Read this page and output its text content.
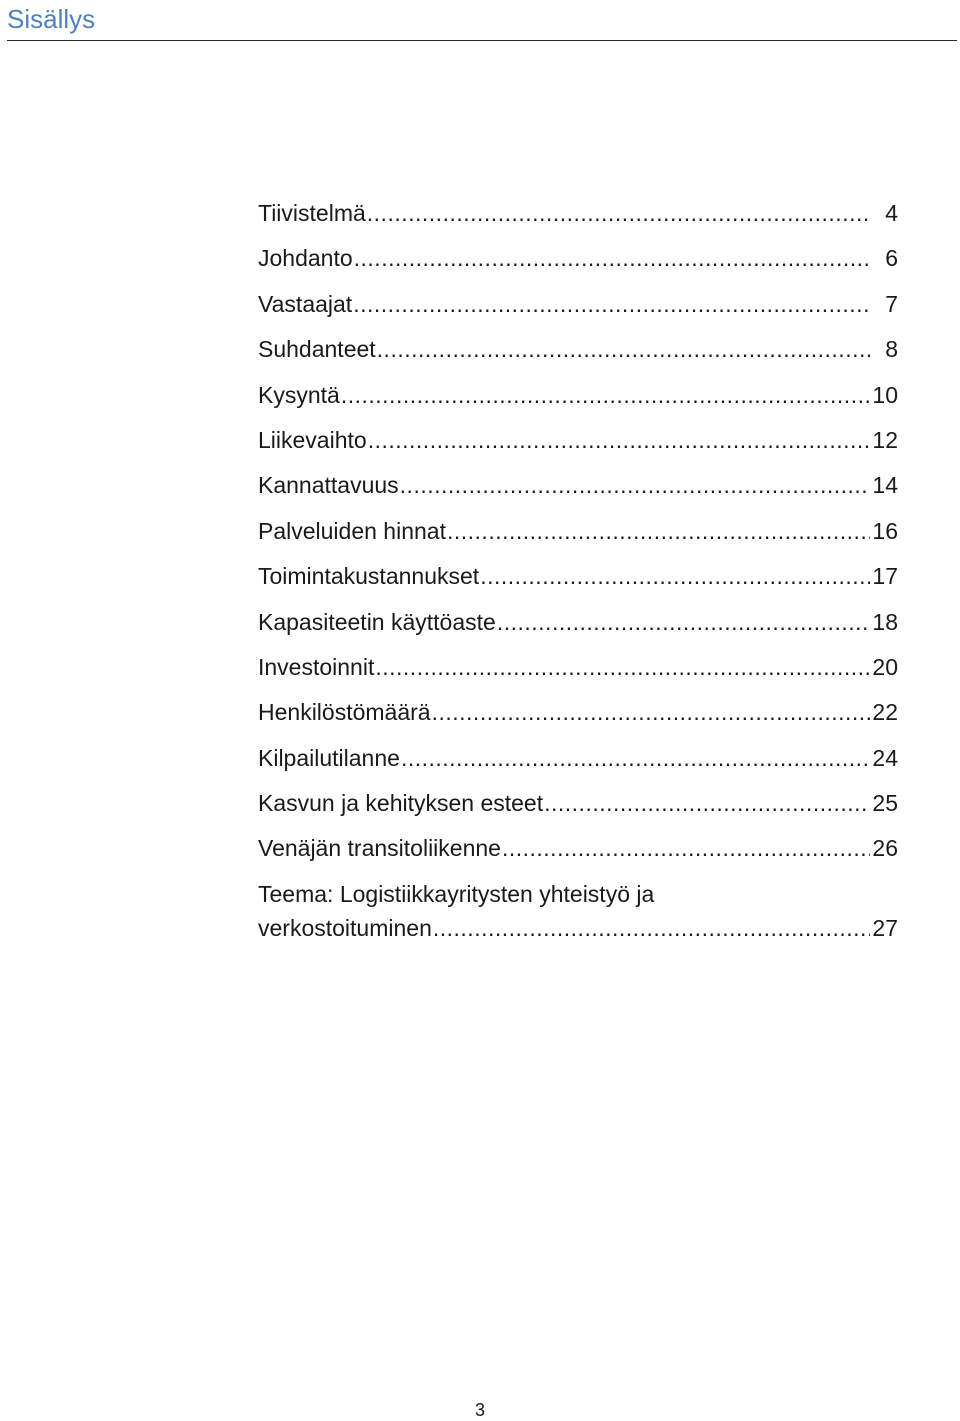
Sisällys
Tiivistelmä .....	4
Johdanto .....	6
Vastaajat .....	7
Suhdanteet .....	8
Kysyntä .....	10
Liikevaihto .....	12
Kannattavuus .....	14
Palveluiden hinnat .....	16
Toimintakustannukset .....	17
Kapasiteetin käyttöaste .....	18
Investoinnit .....	20
Henkilöstömäärä .....	22
Kilpailutilanne .....	24
Kasvun ja kehityksen esteet .....	25
Venäjän transitoliikenne .....	26
Teema: Logistiikkayritysten yhteistyö ja
verkostoituminen .....	27
3
